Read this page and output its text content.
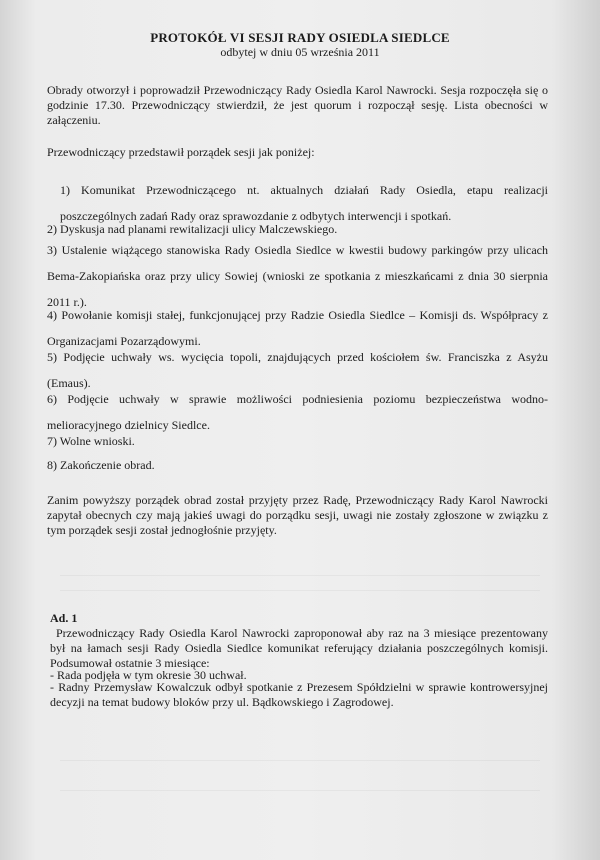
PROTOKÓŁ VI SESJI RADY OSIEDLA SIEDLCE
odbytej w dniu 05 września 2011
Obrady otworzył i poprowadził Przewodniczący Rady Osiedla Karol Nawrocki. Sesja rozpoczęła się o godzinie 17.30. Przewodniczący stwierdził, że jest quorum i rozpoczął sesję. Lista obecności w załączeniu.
Przewodniczący przedstawił porządek sesji jak poniżej:
1) Komunikat Przewodniczącego nt. aktualnych działań Rady Osiedla, etapu realizacji poszczególnych zadań Rady oraz sprawozdanie z odbytych interwencji i spotkań.
2) Dyskusja nad planami rewitalizacji ulicy Malczewskiego.
3) Ustalenie wiążącego stanowiska Rady Osiedla Siedlce w kwestii budowy parkingów przy ulicach Bema-Zakopiańska oraz przy ulicy Sowiej (wnioski ze spotkania z mieszkańcami z dnia 30 sierpnia 2011 r.).
4) Powołanie komisji stałej, funkcjonującej przy Radzie Osiedla Siedlce – Komisji ds. Współpracy z Organizacjami Pozarządowymi.
5) Podjęcie uchwały ws. wycięcia topoli, znajdujących przed kościołem św. Franciszka z Asyżu (Emaus).
6) Podjęcie uchwały w sprawie możliwości podniesienia poziomu bezpieczeństwa wodno-melioracyjnego dzielnicy Siedlce.
7) Wolne wnioski.
8) Zakończenie obrad.
Zanim powyższy porządek obrad został przyjęty przez Radę, Przewodniczący Rady Karol Nawrocki zapytał obecnych czy mają jakieś uwagi do porządku sesji, uwagi nie zostały zgłoszone w związku z tym porządek sesji został jednogłośnie przyjęty.
Ad. 1
Przewodniczący Rady Osiedla Karol Nawrocki zaproponował aby raz na 3 miesiące prezentowany był na łamach sesji Rady Osiedla Siedlce komunikat referujący działania poszczególnych komisji. Podsumował ostatnie 3 miesiące:
- Rada podjęła w tym okresie 30 uchwał.
- Radny Przemysław Kowalczuk odbył spotkanie z Prezesem Spółdzielni w sprawie kontrowersyjnej decyzji na temat budowy bloków przy ul. Bądkowskiego i Zagrodowej.
